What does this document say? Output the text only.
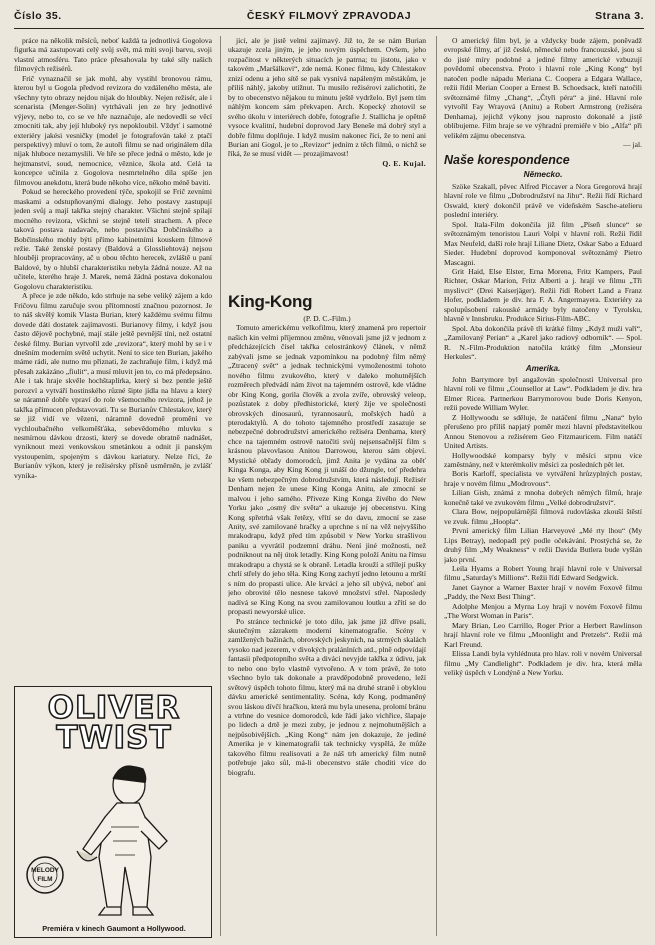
Číslo 35.	ČESKÝ FILMOVÝ ZPRAVODAJ	Strana 3.

práce na několik měsíců, neboť každá ta jednotlivá Gogolova figurka má zastupovati celý svůj svět, má míti svoji barvu, svoji vlastní atmosféru. Tato práce přesahovala by také síly našich filmových režisérů.

Frič vynaznačil se jak mohl, aby vystihl bronovou rámu, kterou byl u Gogola předvod revizora do vzdáleného města, ale všechny tyto obrazy nejdou nijak do hloubky. Nejen režisér, ale i scenarista (Menger-Solin) vytrhávali jen ze hry jednotlivé výjevy, nebo to, co se ve hře naznačuje, ale nedovedli se věcí zmocniti tak, aby její hluboký rys nepokloubil. Vždyť i samotné exteriéry jakési vesničky (model je fotografován také z ptačí perspektivy) mluví o tom, že autoři filmu se nad originálem díla nijak hluboce nezamyslili. Ve hře se přece jedná o město, kde je hejtmanství, soud, nemocnice, věznice, škola atd. Celá ta koncepce učinila z Gogolova nesmrtelného díla spíše jen filmovou anekdotu, která bude někoho více, někoho méně baviti.

Pokud se hereckého provedení týče, spokojil se Frič zevními maskami a odstupňovanými dialogy. Jeho postavy zastupují jeden svůj a mají takřka stejný charakter. Všichni stejně spílají mocného revizora, všichni se stejně tetelí strachem. A přece taková postava nadavače, nebo postavička Dobčinského a Bobčinského mohly býti přímo kabinetními kouskem filmové režie. Také ženské postavy (Baldová a Glossliehtová) nejsou hlouběji propracovány, ač u obou těchto herecek, zvláště u paní Baldové, by o hlubší charakteristiku nebyla žádná nouze. Až na učitele, kterého hraje J. Marek, nemá žádná postava dokonalou Gogolovu charakteristiku.

A přece je zde někdo, kdo strhuje na sebe veliký zájem a kdo Fričovu filmu zaručuje svou přítomností značnou pozornost. Je to náš skvělý komik Vlasta Burian, který každému svému filmu dovede dáti dostatek zajímavosti. Burianovy filmy, i když jsou často dějově pochybné, mají stále ještě pevnější tíni, než ostatní české filmy. Burian vytvořil zde „revizora“, který mohl by se i v dnešním moderním světě uchytit. Není to sice ten Burian, jakého máme rádi, ale nutno mu přiznati, že zachraňuje film, i když má přesah zakázáno „fiulit“, a musí mluvit jen to, co má předepsáno. Ale i tak hraje skvěle hochštaplírka, který si bez pentle ještě porozví a vytváří hostinského různé šipte jídla na hlavu a který se náramně dobře vpraví do role všemocného revizora, jehož je takřka přímucen představovati. Tu se Burianův Chlestakov, který se již vidí ve vězení, náramně dovedně promění ve vychloubačného velkoměšťáka, sebevědomého mluvku s nesmírnou dávkou drzosti, který se dovede obratně nadnášet, vyniknout mezi venkovskou smetánkou a odnit ji panským vystoupením, spojeným s dávkou kariatury. Nelze říci, že Burianův výkon, který je režisérsky přísně usměrněn, je zvlášť vynika-

OLIVER
TWIST
MELODY
FILM
Premiéra v kinech Gaumont a Hollywood.

jící, ale je jistě velmi zajímavý. Již to, že se nám Burian ukazuje zcela jiným, je jeho novým úspěchem. Ovšem, jeho rozpačitost v některých situacích je patrna; tu jistotu, jako v takovém „Maršálkovi“, zde nemá. Konec filmu, kdy Chlestakov znizí odenu a jeho sítě se pak vysnívá napáleným městákům, je příliš náhlý, jakoby utížnut. Tu musilo režisérovi zalichotiti, že by to obecenstvo nějakou tu minutu ještě vydrželo. Byl jsem tím náhlým koncem sám překvapen. Arch. Kopecký zhotovil se svého úkolu v interiérech dobře, fotografie J. Stallicha je opětně vysoce kvalitní, hudební doprovod Jary Beneše má dobrý styl a dobře filmu doplňuje. I když musím nakonec říci, že to není ani Burian ani Gogol, je to „Revizor“ jedním z těch filmů, o nichž se říká, že se musí vidět — prozajímavost!

Q. E. Kujal.

King-Kong

(P. D. C.-Film.)

Tomuto americkému velkofilmu, který znamená pro repertoir našich kin velmi příjemnou změnu, věnovali jsme již v jednom z předcházejících čísel takřka celostránkový článek, v němž zabývali jsme se jednak vzpomínkou na podobný film němý „Ztracený svět“ a jednak technickými vymoženostmi tohoto nového filmu zvukového, který v daleko mohutnějších rozměrech předvádí nám život na tajemném ostrově, kde vládne obr King Kong, gorila člověk a zvola zvíře, obrovský veleop, pozůstatek z doby předhistorické, který žije ve společnosti obrovských dinosaurů, tyrannosaurů, mořských hadů a pterodaktylů. A do tohoto tajemného prostředí zasazuje se nebezpečné dobrodružství amerického režiséra Denhama, který chce na tajemném ostrově natočiti svůj nejsensačnější film s krásnou plavovlasou Anitou Darrowou, kterou sám objeví. Mystické obřady domorodců, jimž Anita je vydána za oběť Kinga Konga, aby King Kong ji unáší do džungle, toť předehra ke všem nebezpečným dobrodružstvím, která následují. Režisér Denham nejen že unese King Konga Anitu, ale zmocní se malvou i jeho samého. Přiveze King Konga živého do New Yorku jako „osmý div světa“ a ukazuje jej obecenstvu. King Kong spřetrhá však řetězy, vřítí se do davu, zmocní se zase Anity, své zamilované hračky a uprchne s ní na věž nejvyššího mrakodrapu, když před tím způsobil v New Yorku strašlivou paniku a vyvrátil podzemní dráhu. Není jiné možnosti, než podniknout na něj útok letadly. King Kong položí Anitu na římsu mrakodrapu a chystá se k obraně. Letadla krouží a střílejí pušky chrlí střely do jeho těla. King Kong zachytí jedno letounu a mrští s ním do propasti ulice. Ale krvácí a jeho síl ubývá, neboť ani jeho obrovité tělo nesnese takové množství střel. Naposledy nadívá se King Kong na svou zamilovanou loutku a zřítí se do propasti newyorské ulice.

Po stránce technické je toto dílo, jak jsme již dříve psali, skutečným zázrakem moderní kinematografie. Scény v zamlžených bažinách, obrovských jeskyních, na strmých skalách vysoko nad jezerem, v divokých pralánlních atd., plně odpovídají fantasii předpotopního světa a diváci nevyjde takřka z údivu, jak to nebo ono bylo vlastně vytvořeno. A v tom právě, že toto všechno bylo tak dokonale a pravděpodobně provedeno, leží světový úspěch tohoto filmu, který má na druhé straně i obyklou dávku americké sentimentality. Scéna, kdy Kong, podmaněný svou láskou dívčí hračkou, která mu byla unesena, prolomí bránu a vtrhne do vesnice domorodců, kde řádí jako vichřice, šlapaje po lidech a drtě je mezi zuby, je jednou z nejmohutnějších a nejpůsobivějších. „King Kong“ nám jen dokazuje, že jediné Amerika je v kinematografii tak technicky vyspělá, že může takového filmu realisovati a že náš trh americký film nutně potřebuje jako sůl, má-li obecenstvo stále choditi více do biografu.

O americký film byl, je a vždycky bude zájem, poněvadž evropské filmy, ať již české, německé nebo francouzské, jsou si do jisté míry podobné a jediné filmy americké vzbuzují povědomí obecenstva. Proto i hlavní role „King Kong“ byl natočen podle nápadu Meriana C. Coopera a Edgara Wallace, režii řídil Merian Cooper a Ernest B. Schoedsack, kteří natočili světoznámé filmy „Chang“, „Čtyři péra“ a jiné. Hlavní role vytvořil Fay Wrayová (Anitu) a Robert Armstrong (režiséra Denhama), jejichž výkony jsou naprosto dokonalé a jistě oblíbujeme. Film hraje se ve výhradní premiéře v bio „Alfa“ při velikém zájmu obecenstva.

— jal.

Naše korespondence
Německo.

Szöke Szakall, pěvec Alfred Piccaver a Nora Gregorová hrají hlavní role ve filmu „Dobrodružství na Jihu“. Režii řídí Richard Oswald, který dokončil právě ve vídeňském Sasche-atelieru poslední interiéry.

Spol. Itala-Film dokončila již film „Píseň slunce“ se světoznámým tenoristou Lauri Volpi v hlavní roli. Režii řídil Max Neufeld, další role hrají Liliane Dietz, Oskar Sabo a Eduard Sieder. Hudební doprovod komponoval světoznámý Pietro Mascagni.

Grit Haid, Else Elster, Erna Morena, Fritz Kampers, Paul Richter, Oskar Marion, Fritz Alberti a j. hrají ve filmu „Tři myslivci“ (Drei Kaiserjäger). Režii řídí Robert Land a Franz Hofer, podkladem je div. hra F. A. Angermayera. Exteriéry za spolupůsobení rakouské armády byly natočeny v Tyrolsku, hlavně v Innsbruku. Produkce Sirius-Film-ABC.

Spol. Aba dokončila právě tři krátké filmy „Když muži vaří“, „Zamilovaný Perian“ a „Karel jako radiový odborník“. — Spol. R. N.-Film-Produktion natočila krátký film „Monsieur Herkules“.

Amerika.

John Barrymore byl angažován společností Universal pro hlavní roli ve filmu „Counsellor at Law“. Podkladem je div. hra Elmer Ricea. Partnerkou Barrymorovou bude Doris Kenyon, režii povede William Wyler.

Z Hollywoodu se sděluje, že natáčení filmu „Nana“ bylo přerušeno pro příliš napjatý poměr mezi hlavní představitelkou Annou Stenovou a režisérem Geo Fitzmauricem. Film natáčí United Artists.

Hollywoodské komparsy byly v měsíci srpnu více zaměstnány, než v kterémkoliv měsíci za posledních pět let.

Boris Karloff, specialista ve vytváření hrůzyplných postav, hraje v novém filmu „Modrovous“.

Lilian Gish, známá z mnoha dobrých němých filmů, hraje konečně také ve zvukovém filmu „Velké dobrodružství“.

Clara Bow, nejpopulárnější filmová rudovláska zkouší štěstí ve zvuk. filmu „Hoopla“.

První americký film Lilian Harveyové „Mé rty lhou“ (My Lips Betray), nedopadl prý podle očekávání. Prostýchá se, že druhý film „My Weakness“ v režii Davida Butlera bude vyšlán jako první.

Leila Hyams a Robert Young hrají hlavní role v Universal filmu „Saturday's Millions“. Režii řídí Edward Sedgwick.

Janet Gaynor a Warner Baxter hrají v novém Foxově filmu „Paddy, the Next Best Thing“.

Adolphe Menjou a Myrna Loy hrají v novém Foxově filmu „The Worst Woman in Paris“.

Mary Brian, Leo Carrillo, Roger Prior a Herbert Rawlinson hrají hlavní role ve filmu „Moonlight and Pretzels“. Režii má Karl Freund.

Elissa Landi byla vyhlédnuta pro hlav. roli v novém Universal filmu „My Candlelight“. Podkladem je div. hra, která měla veliký úspěch v Londýně a New Yorku.
